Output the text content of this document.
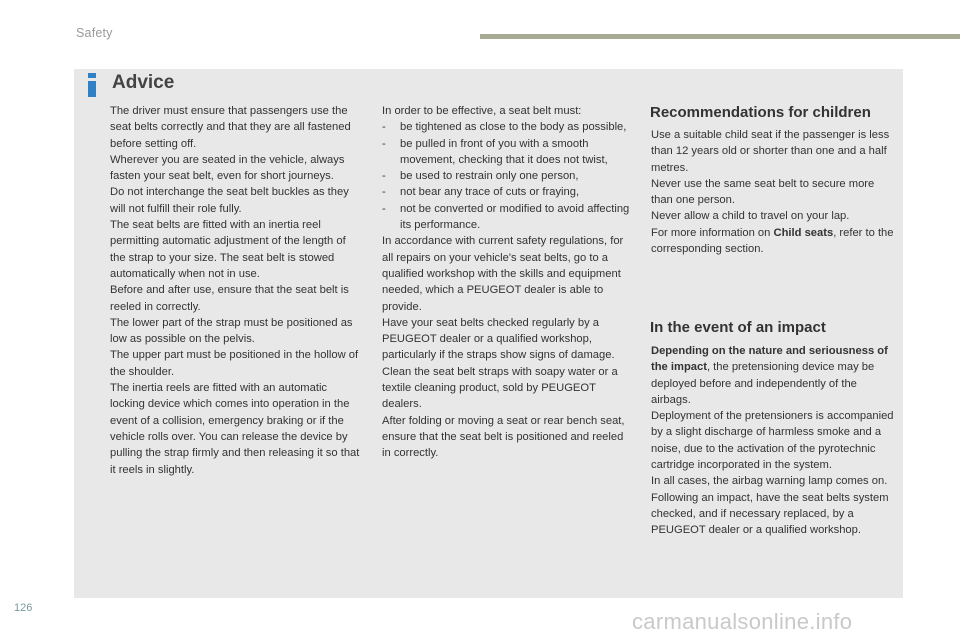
Safety
Advice

The driver must ensure that passengers use the seat belts correctly and that they are all fastened before setting off.

Wherever you are seated in the vehicle, always fasten your seat belt, even for short journeys.

Do not interchange the seat belt buckles as they will not fulfill their role fully.

The seat belts are fitted with an inertia reel permitting automatic adjustment of the length of the strap to your size. The seat belt is stowed automatically when not in use.

Before and after use, ensure that the seat belt is reeled in correctly.

The lower part of the strap must be positioned as low as possible on the pelvis.

The upper part must be positioned in the hollow of the shoulder.

The inertia reels are fitted with an automatic locking device which comes into operation in the event of a collision, emergency braking or if the vehicle rolls over. You can release the device by pulling the strap firmly and then releasing it so that it reels in slightly.

In order to be effective, a seat belt must:

- be tightened as close to the body as possible,
- be pulled in front of you with a smooth movement, checking that it does not twist,
- be used to restrain only one person,
- not bear any trace of cuts or fraying,
- not be converted or modified to avoid affecting its performance.

In accordance with current safety regulations, for all repairs on your vehicle's seat belts, go to a qualified workshop with the skills and equipment needed, which a PEUGEOT dealer is able to provide.

Have your seat belts checked regularly by a PEUGEOT dealer or a qualified workshop, particularly if the straps show signs of damage.

Clean the seat belt straps with soapy water or a textile cleaning product, sold by PEUGEOT dealers.

After folding or moving a seat or rear bench seat, ensure that the seat belt is positioned and reeled in correctly.

Recommendations for children

Use a suitable child seat if the passenger is less than 12 years old or shorter than one and a half metres.

Never use the same seat belt to secure more than one person.

Never allow a child to travel on your lap.

For more information on Child seats, refer to the corresponding section.

In the event of an impact

Depending on the nature and seriousness of the impact, the pretensioning device may be deployed before and independently of the airbags.

Deployment of the pretensioners is accompanied by a slight discharge of harmless smoke and a noise, due to the activation of the pyrotechnic cartridge incorporated in the system.

In all cases, the airbag warning lamp comes on.

Following an impact, have the seat belts system checked, and if necessary replaced, by a PEUGEOT dealer or a qualified workshop.

126
carmanualsonline.info
